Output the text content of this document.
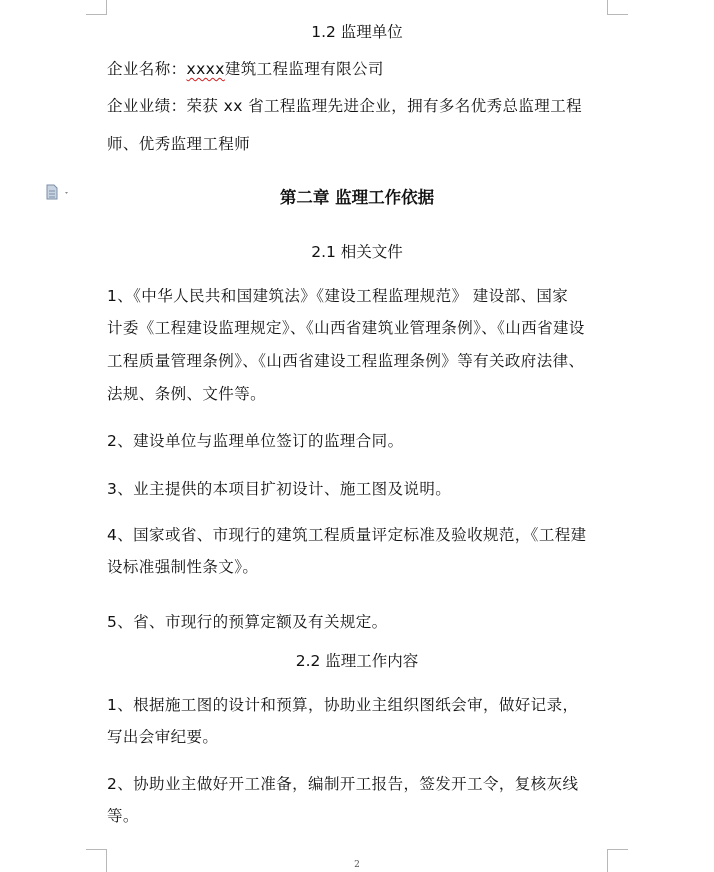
1.2 监理单位
企业名称：xxxx建筑工程监理有限公司
企业业绩：荣获 xx 省工程监理先进企业，拥有多名优秀总监理工程
师、优秀监理工程师
第二章 监理工作依据
2.1 相关文件
1、《中华人民共和国建筑法》《建设工程监理规范》 建设部、国家
计委《工程建设监理规定》、《山西省建筑业管理条例》、《山西省建设
工程质量管理条例》、《山西省建设工程监理条例》等有关政府法律、
法规、条例、文件等。
2、建设单位与监理单位签订的监理合同。
3、业主提供的本项目扩初设计、施工图及说明。
4、国家或省、市现行的建筑工程质量评定标准及验收规范，《工程建
设标准强制性条文》。
5、省、市现行的预算定额及有关规定。
2.2 监理工作内容
1、根据施工图的设计和预算，协助业主组织图纸会审，做好记录，
写出会审纪要。
2、协助业主做好开工准备，编制开工报告，签发开工令，复核灰线
等。
2
